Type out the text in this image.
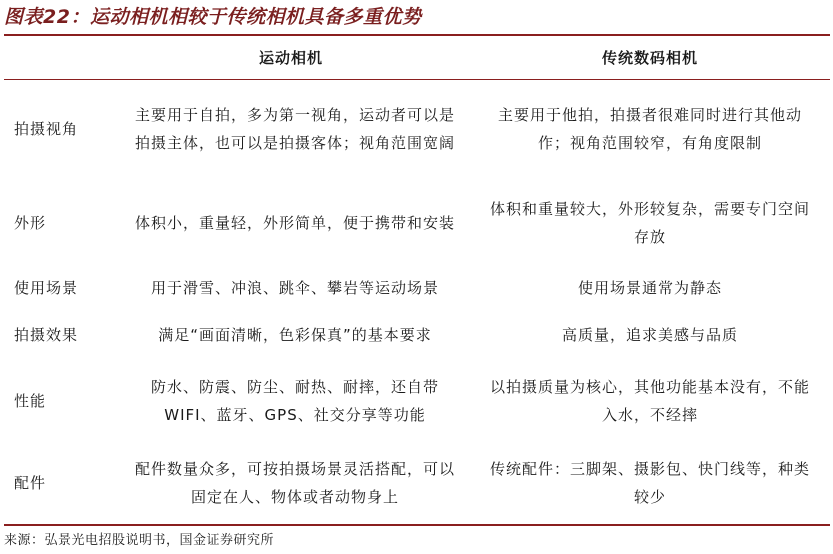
图表22：运动相机相较于传统相机具备多重优势
	运动相机	传统数码相机
拍摄视角	主要用于自拍，多为第一视角，运动者可以是拍摄主体，也可以是拍摄客体；视角范围宽阔	主要用于他拍，拍摄者很难同时进行其他动作；视角范围较窄，有角度限制

外形	体积小，重量轻，外形简单，便于携带和安装	体积和重量较大，外形较复杂，需要专门空间存放

使用场景	用于滑雪、冲浪、跳伞、攀岩等运动场景	使用场景通常为静态

拍摄效果	满足“画面清晰，色彩保真”的基本要求	高质量，追求美感与品质

性能	防水、防震、防尘、耐热、耐摔，还自带WIFI、蓝牙、GPS、社交分享等功能	以拍摄质量为核心，其他功能基本没有，不能入水，不经摔

配件	配件数量众多，可按拍摄场景灵活搭配，可以固定在人、物体或者动物身上	传统配件：三脚架、摄影包、快门线等，种类较少
来源：弘景光电招股说明书，国金证券研究所
